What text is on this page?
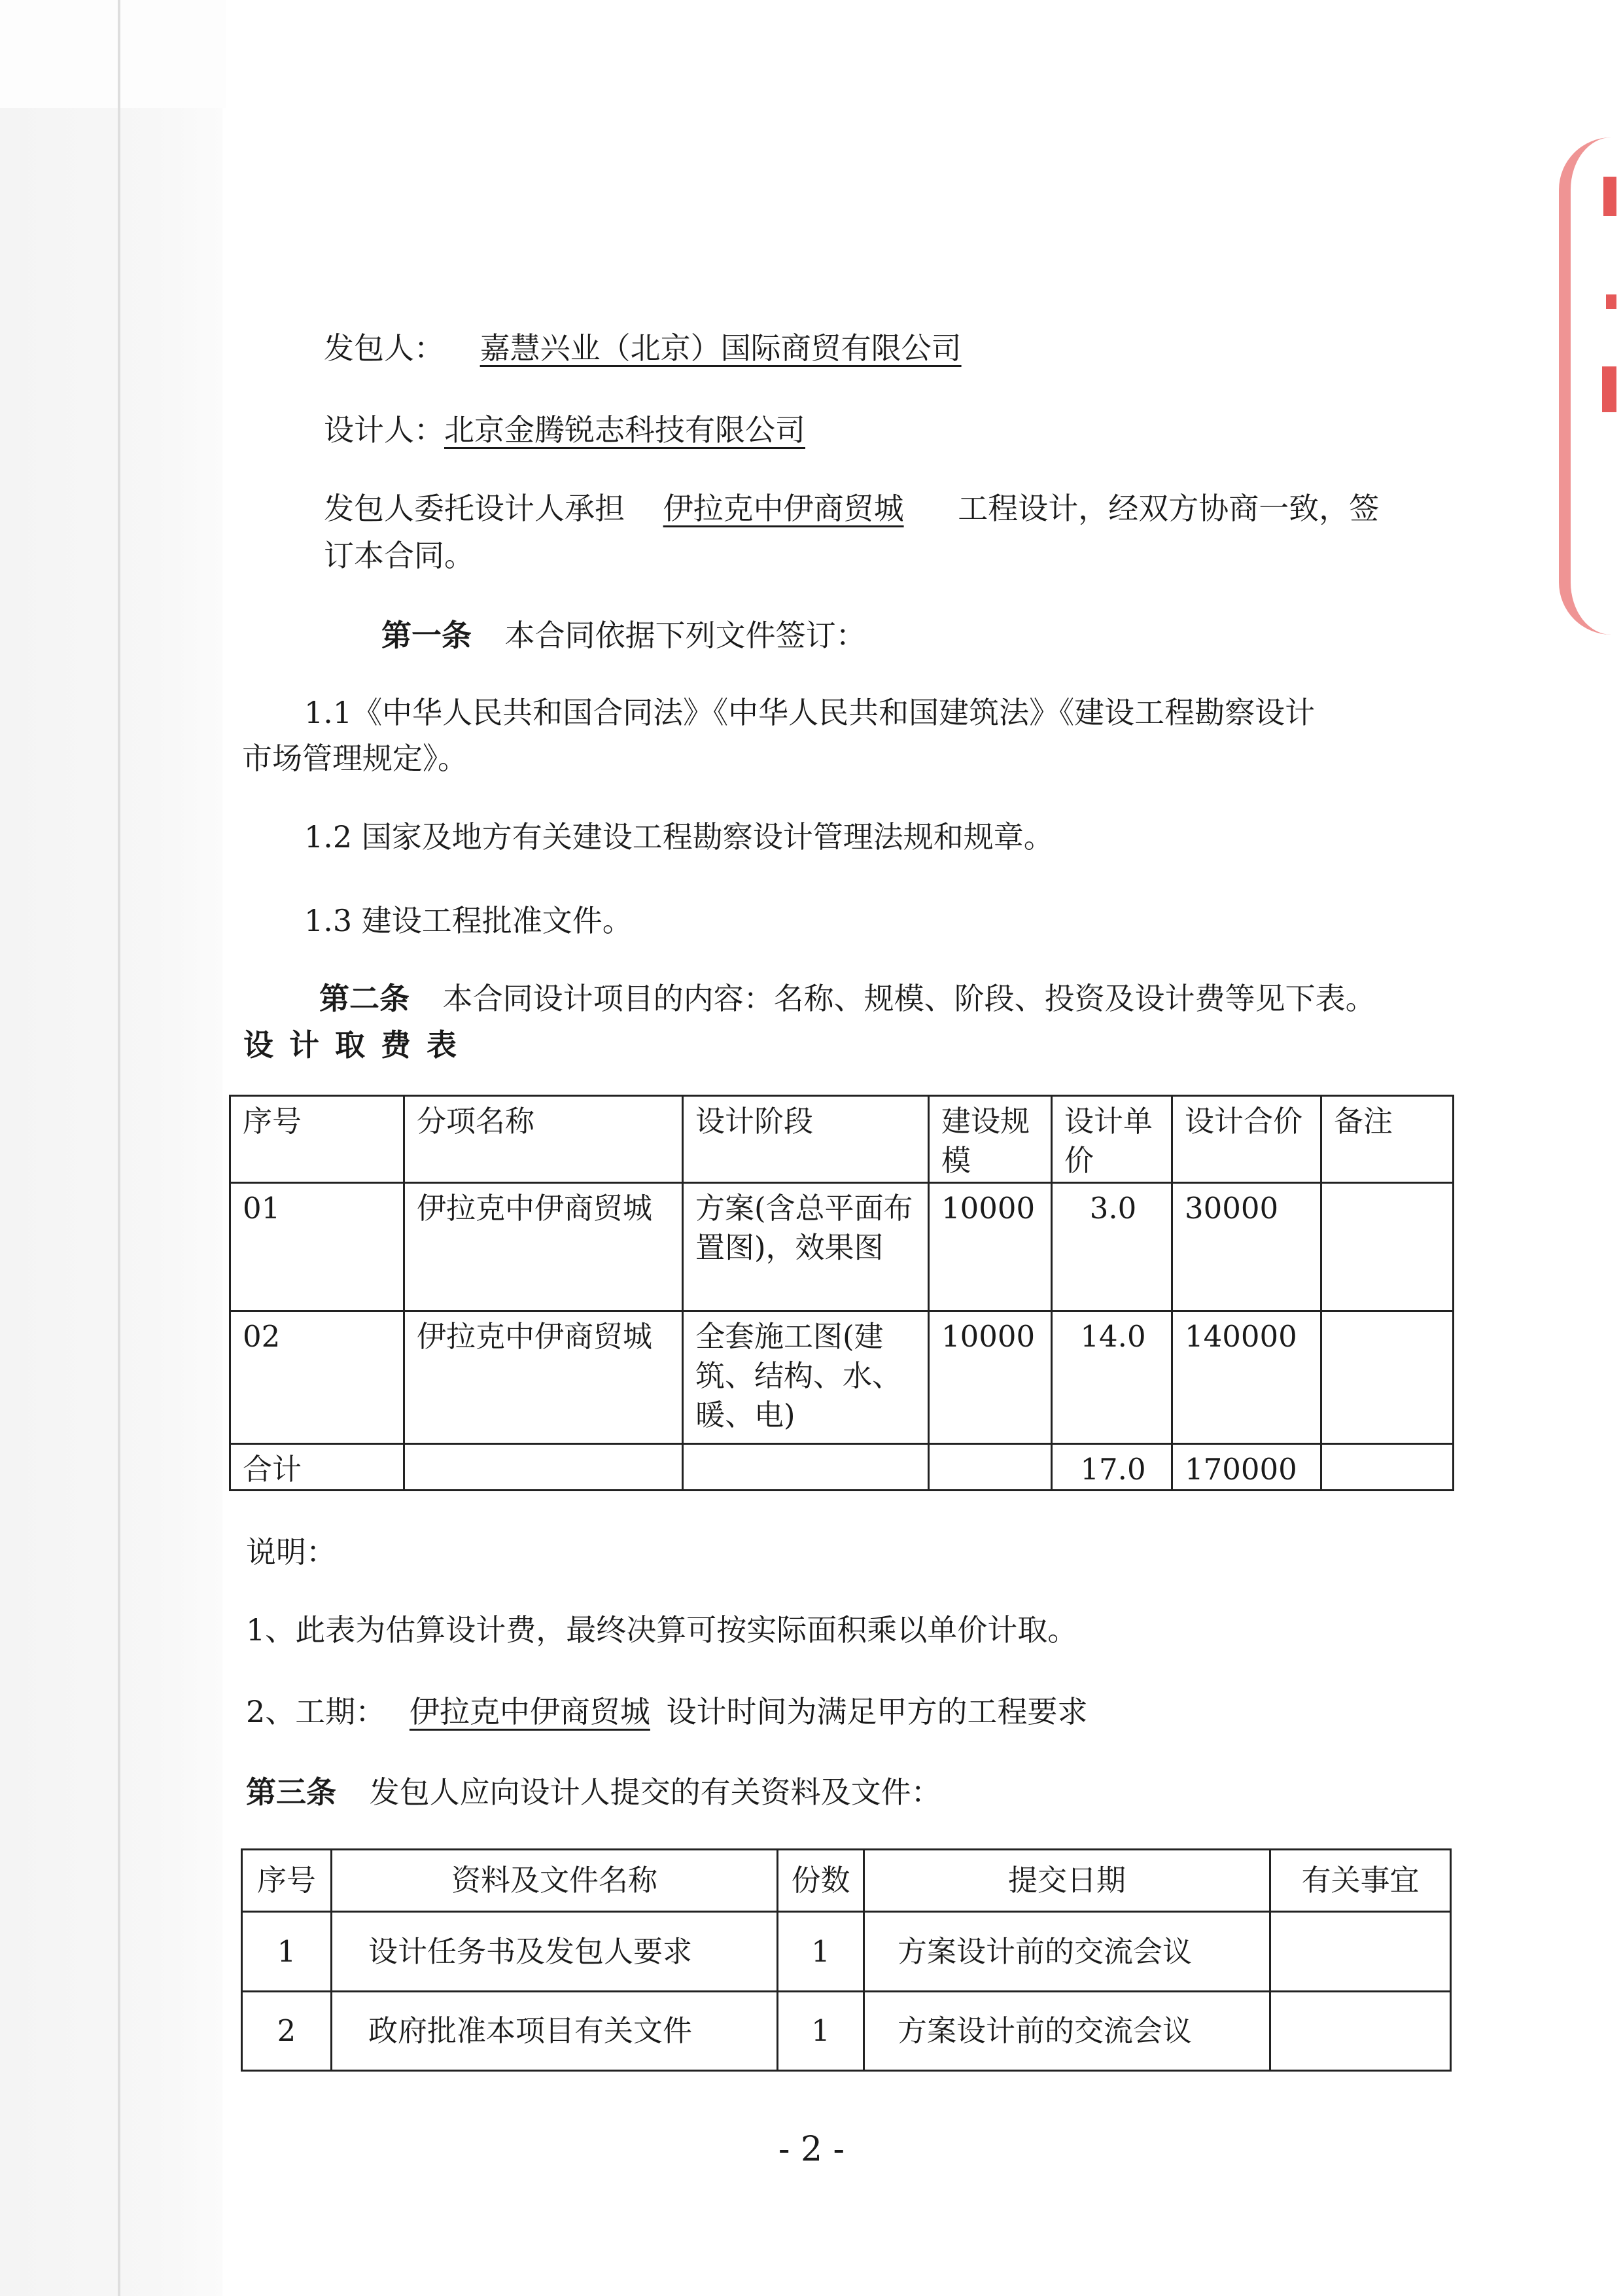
发包人： 嘉慧兴业（北京）国际商贸有限公司
设计人：北京金腾锐志科技有限公司
发包人委托设计人承担 伊拉克中伊商贸城 工程设计，经双方协商一致，签
订本合同。
第一条 本合同依据下列文件签订：
1.1《中华人民共和国合同法》《中华人民共和国建筑法》《建设工程勘察设计
市场管理规定》。
1.2 国家及地方有关建设工程勘察设计管理法规和规章。
1.3 建设工程批准文件。
第二条 本合同设计项目的内容：名称、规模、阶段、投资及设计费等见下表。
设 计 取 费 表
序号	分项名称	设计阶段	建设规模	设计单价	设计合价	备注
01	伊拉克中伊商贸城	方案(含总平面布置图)，效果图	10000	3.0	30000	
02	伊拉克中伊商贸城	全套施工图(建筑、结构、水、暖、电)	10000	14.0	140000	
合计				17.0	170000	
说明：
1、此表为估算设计费，最终决算可按实际面积乘以单价计取。
2、工期： 伊拉克中伊商贸城 设计时间为满足甲方的工程要求
第三条 发包人应向设计人提交的有关资料及文件：
序号	资料及文件名称	份数	提交日期	有关事宜
1	设计任务书及发包人要求	1	方案设计前的交流会议	
2	政府批准本项目有关文件	1	方案设计前的交流会议	
- 2 -
